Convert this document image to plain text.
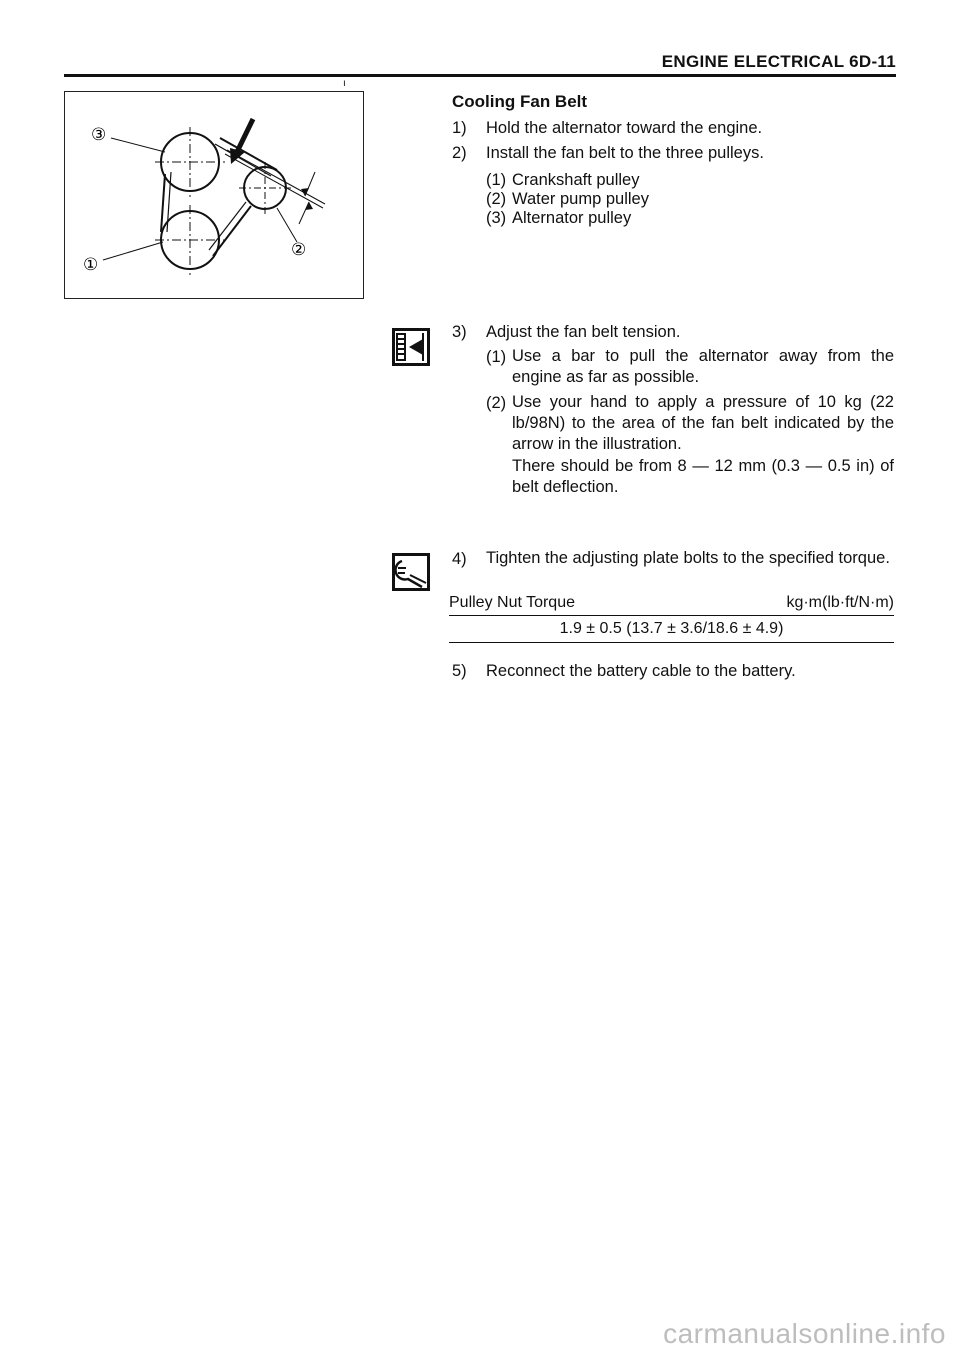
ENGINE ELECTRICAL 6D-11
ı
③
①
②
Cooling Fan Belt
1) Hold the alternator toward the engine.
2) Install the fan belt to the three pulleys.
(1) Crankshaft pulley
(2) Water pump pulley
(3) Alternator pulley
3) Adjust the fan belt tension.
(1) Use a bar to pull the alternator away from the engine as far as possible.
(2) Use your hand to apply a pressure of 10 kg (22 lb/98N) to the area of the fan belt indicated by the arrow in the illustration.
There should be from 8 — 12 mm (0.3 — 0.5 in) of belt deflection.
4)	Tighten the adjusting plate bolts to the specified torque.
Pulley Nut Torque	kg·m(lb·ft/N·m)
1.9 ± 0.5 (13.7 ± 3.6/18.6 ± 4.9)
5) Reconnect the battery cable to the battery.
carmanualsonline.info
